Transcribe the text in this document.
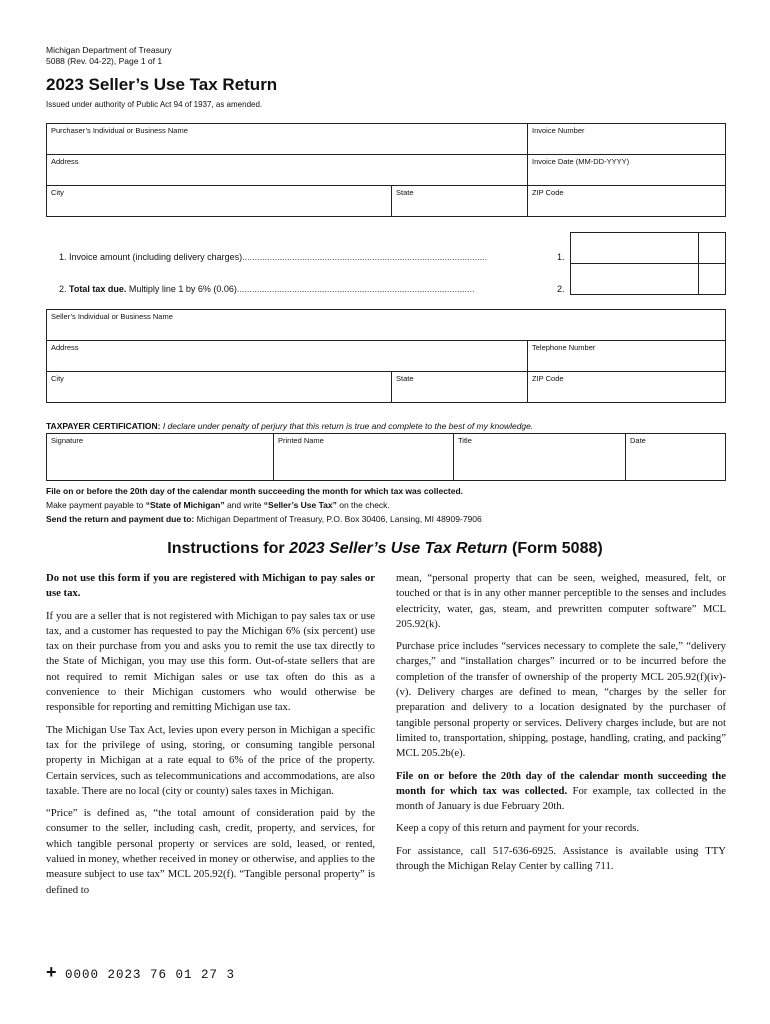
Michigan Department of Treasury
5088 (Rev. 04-22), Page 1 of 1
2023 Seller’s Use Tax Return
Issued under authority of Public Act 94 of 1937, as amended.
Purchaser’s Individual or Business Name	Invoice Number
Address	Invoice Date (MM-DD-YYYY)
City	State	ZIP Code
1. Invoice amount (including delivery charges)..................................................................................................	1.
2. Total tax due. Multiply line 1 by 6% (0.06)...............................................................................................	2.
Seller’s Individual or Business Name
Address	Telephone Number
City	State	ZIP Code
TAXPAYER CERTIFICATION: I declare under penalty of perjury that this return is true and complete to the best of my knowledge.
Signature	Printed Name	Title	Date
File on or before the 20th day of the calendar month succeeding the month for which tax was collected.
Make payment payable to “State of Michigan” and write “Seller’s Use Tax” on the check.
Send the return and payment due to: Michigan Department of Treasury, P.O. Box 30406, Lansing, MI 48909-7906
Instructions for 2023 Seller’s Use Tax Return (Form 5088)

Do not use this form if you are registered with Michigan to pay sales or use tax.

If you are a seller that is not registered with Michigan to pay sales tax or use tax, and a customer has requested to pay the Michigan 6% (six percent) use tax on their purchase from you and asks you to remit the use tax directly to the State of Michigan, you may use this form. Out-of-state sellers that are not required to remit Michigan sales or use tax often do this as a convenience to their Michigan customers who would otherwise be responsible for reporting and remitting Michigan use tax.

The Michigan Use Tax Act, levies upon every person in Michigan a specific tax for the privilege of using, storing, or consuming tangible personal property in Michigan at a rate equal to 6% of the price of the property. Certain services, such as telecommunications and accommodations, are also taxable. There are no local (city or county) sales taxes in Michigan.

“Price” is defined as, “the total amount of consideration paid by the consumer to the seller, including cash, credit, property, and services, for which tangible personal property or services are sold, leased, or rented, valued in money, whether received in money or otherwise, and applies to the measure subject to use tax” MCL 205.92(f). “Tangible personal property” is defined to

mean, “personal property that can be seen, weighed, measured, felt, or touched or that is in any other manner perceptible to the senses and includes electricity, water, gas, steam, and prewritten computer software” MCL 205.92(k).

Purchase price includes “services necessary to complete the sale,” “delivery charges,” and “installation charges” incurred or to be incurred before the completion of the transfer of ownership of the property MCL 205.92(f)(iv)-(v). Delivery charges are defined to mean, “charges by the seller for preparation and delivery to a location designated by the purchaser of tangible personal property or services. Delivery charges include, but are not limited to, transportation, shipping, postage, handling, crating, and packing” MCL 205.2b(e).

File on or before the 20th day of the calendar month succeeding the month for which tax was collected. For example, tax collected in the month of January is due February 20th.

Keep a copy of this return and payment for your records.

For assistance, call 517-636-6925. Assistance is available using TTY through the Michigan Relay Center by calling 711.

+ 0000 2023 76 01 27 3
